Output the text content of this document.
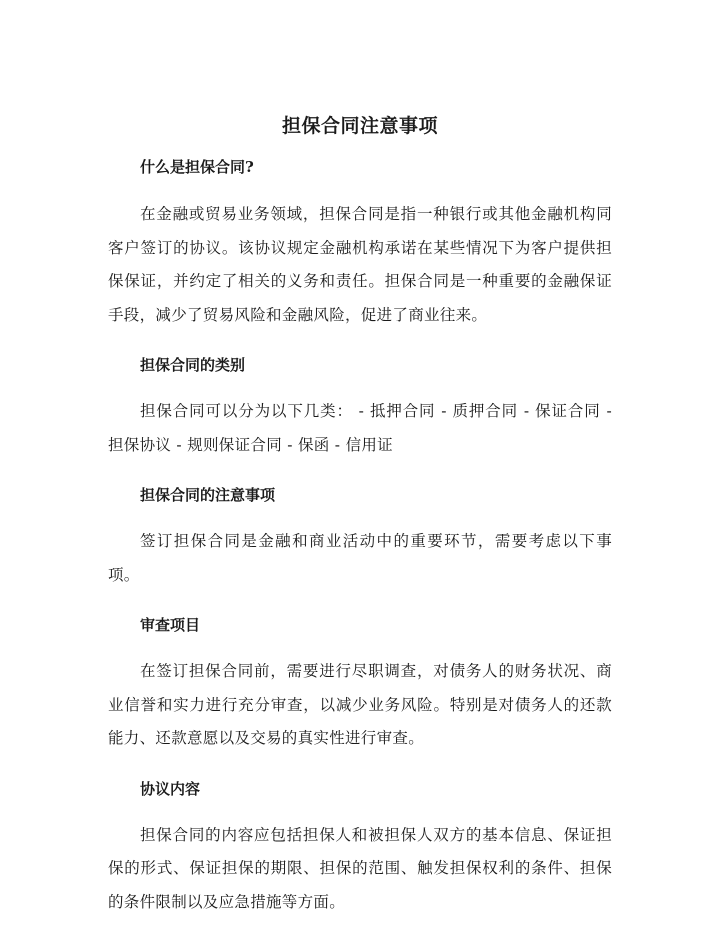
担保合同注意事项
什么是担保合同?

在金融或贸易业务领域，担保合同是指一种银行或其他金融机构同客户签订的协议。该协议规定金融机构承诺在某些情况下为客户提供担保保证，并约定了相关的义务和责任。担保合同是一种重要的金融保证手段，减少了贸易风险和金融风险，促进了商业往来。

担保合同的类别

担保合同可以分为以下几类： - 抵押合同 - 质押合同 - 保证合同 - 担保协议 - 规则保证合同 - 保函 - 信用证

担保合同的注意事项

签订担保合同是金融和商业活动中的重要环节，需要考虑以下事项。

审查项目

在签订担保合同前，需要进行尽职调查，对债务人的财务状况、商业信誉和实力进行充分审查，以减少业务风险。特别是对债务人的还款能力、还款意愿以及交易的真实性进行审查。

协议内容

担保合同的内容应包括担保人和被担保人双方的基本信息、保证担保的形式、保证担保的期限、担保的范围、触发担保权利的条件、担保的条件限制以及应急措施等方面。
